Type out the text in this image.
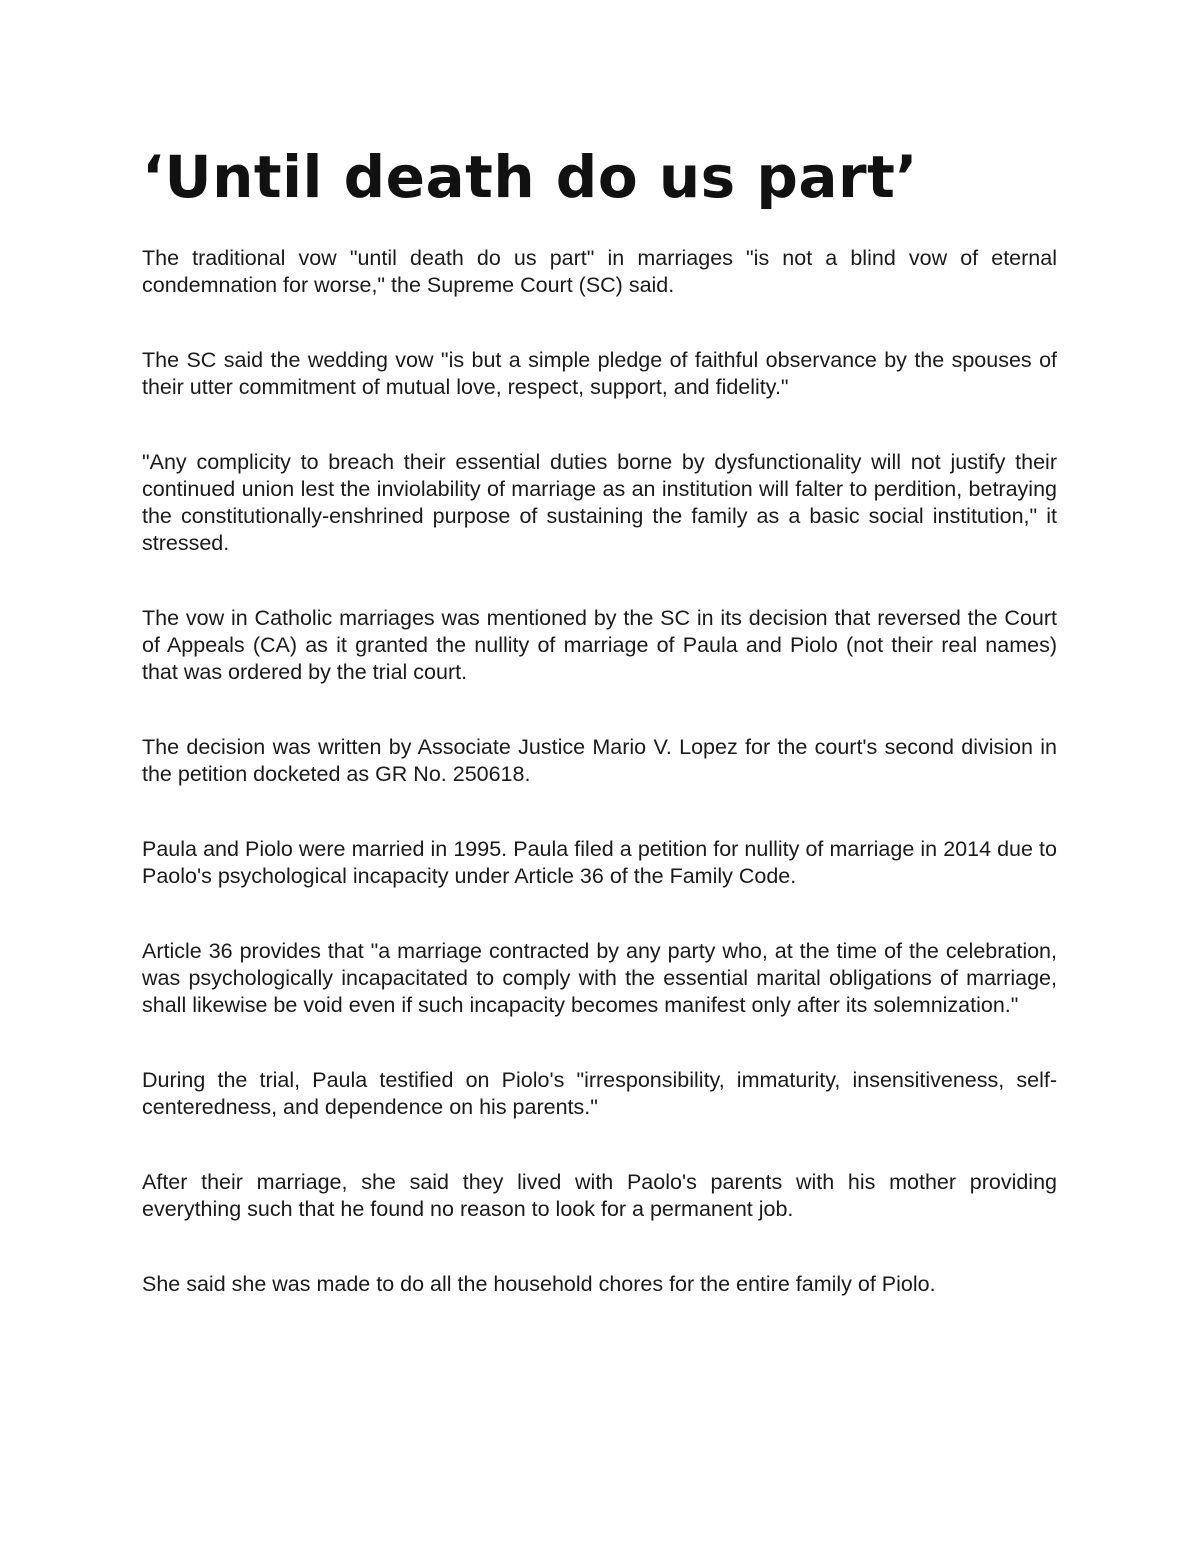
‘Until death do us part’

The traditional vow "until death do us part" in marriages "is not a blind vow of eternal condemnation for worse," the Supreme Court (SC) said.

The SC said the wedding vow "is but a simple pledge of faithful observance by the spouses of their utter commitment of mutual love, respect, support, and fidelity."

"Any complicity to breach their essential duties borne by dysfunctionality will not justify their continued union lest the inviolability of marriage as an institution will falter to perdition, betraying the constitutionally-enshrined purpose of sustaining the family as a basic social institution," it stressed.

The vow in Catholic marriages was mentioned by the SC in its decision that reversed the Court of Appeals (CA) as it granted the nullity of marriage of Paula and Piolo (not their real names) that was ordered by the trial court.

The decision was written by Associate Justice Mario V. Lopez for the court's second division in the petition docketed as GR No. 250618.

Paula and Piolo were married in 1995. Paula filed a petition for nullity of marriage in 2014 due to Paolo's psychological incapacity under Article 36 of the Family Code.

Article 36 provides that "a marriage contracted by any party who, at the time of the celebration, was psychologically incapacitated to comply with the essential marital obligations of marriage, shall likewise be void even if such incapacity becomes manifest only after its solemnization."

During the trial, Paula testified on Piolo's "irresponsibility, immaturity, insensitiveness, self-centeredness, and dependence on his parents."

After their marriage, she said they lived with Paolo's parents with his mother providing everything such that he found no reason to look for a permanent job.

She said she was made to do all the household chores for the entire family of Piolo.
